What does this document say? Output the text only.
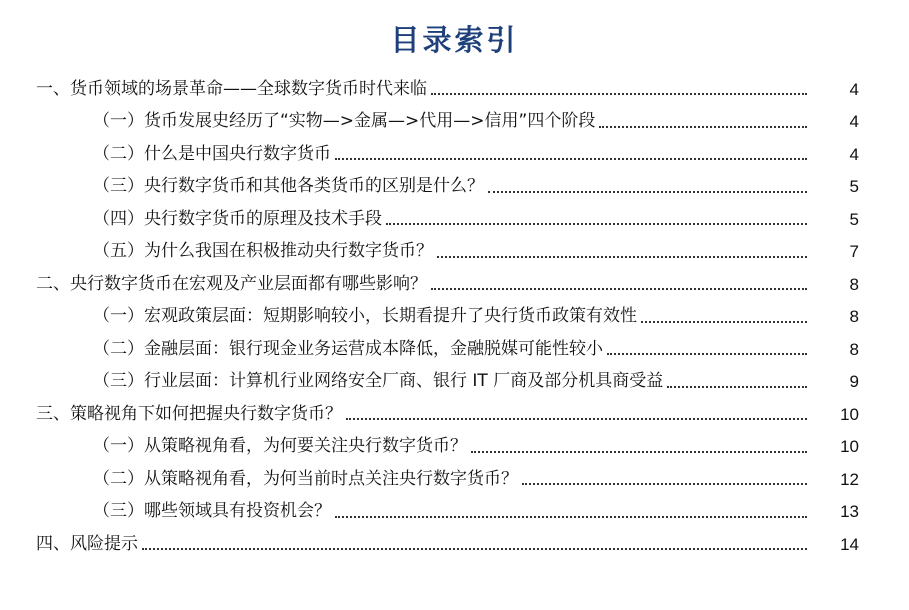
目录索引
一、货币领域的场景革命——全球数字货币时代来临	4
（一）货币发展史经历了“实物—>金属—>代用—>信用”四个阶段	4
（二）什么是中国央行数字货币	4
（三）央行数字货币和其他各类货币的区别是什么？	5
（四）央行数字货币的原理及技术手段	5
（五）为什么我国在积极推动央行数字货币？	7
二、央行数字货币在宏观及产业层面都有哪些影响？	8
（一）宏观政策层面：短期影响较小，长期看提升了央行货币政策有效性	8
（二）金融层面：银行现金业务运营成本降低，金融脱媒可能性较小	8
（三）行业层面：计算机行业网络安全厂商、银行 IT 厂商及部分机具商受益	9
三、策略视角下如何把握央行数字货币？	10
（一）从策略视角看，为何要关注央行数字货币？	10
（二）从策略视角看，为何当前时点关注央行数字货币？	12
（三）哪些领域具有投资机会？	13
四、风险提示	14
